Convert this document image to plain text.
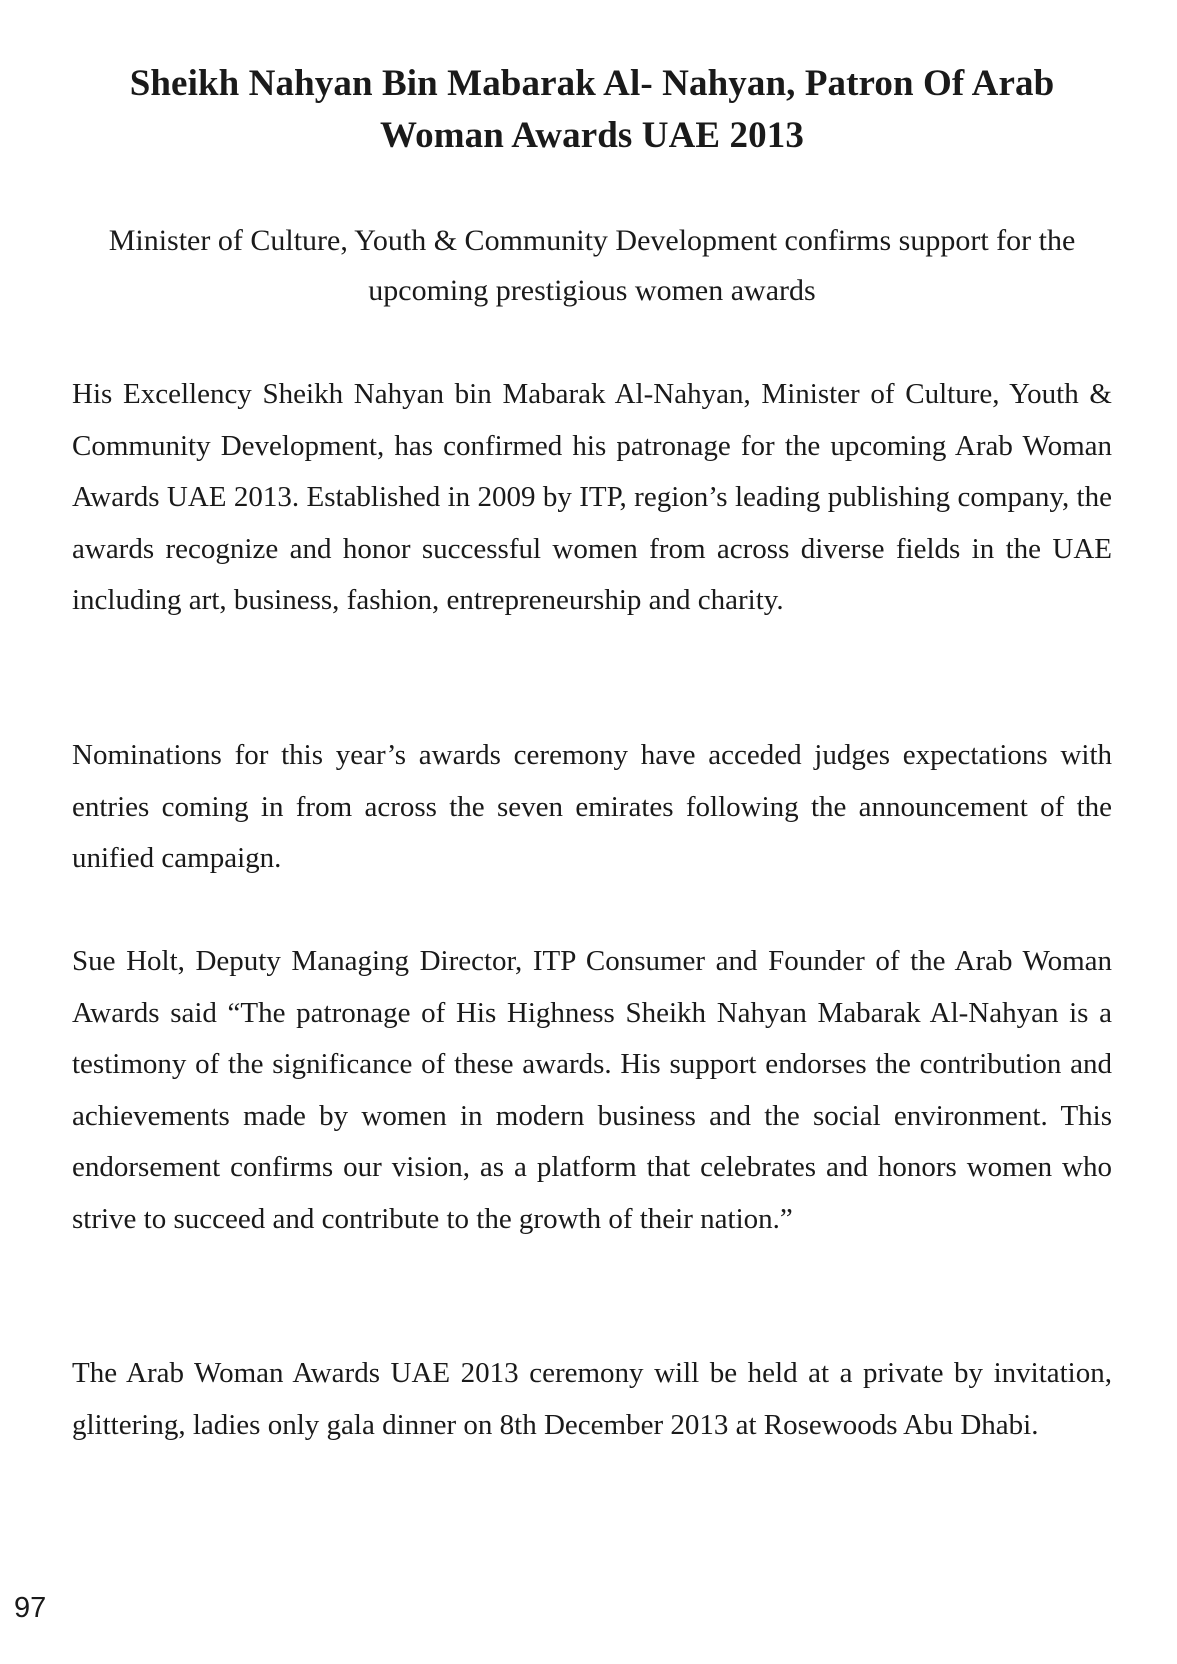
Sheikh Nahyan Bin Mabarak Al- Nahyan, Patron Of Arab Woman Awards UAE 2013

Minister of Culture, Youth & Community Development confirms support for the upcoming prestigious women awards

His Excellency Sheikh Nahyan bin Mabarak Al-Nahyan, Minister of Culture, Youth & Community Development, has confirmed his patronage for the upcoming Arab Woman Awards UAE 2013. Established in 2009 by ITP, region’s leading publishing company, the awards recognize and honor successful women from across diverse fields in the UAE including art, business, fashion, entrepreneurship and charity.

Nominations for this year’s awards ceremony have acceded judges expectations with entries coming in from across the seven emirates following the announcement of the unified campaign.

Sue Holt, Deputy Managing Director, ITP Consumer and Founder of the Arab Woman Awards said “The patronage of His Highness Sheikh Nahyan Mabarak Al-Nahyan is a testimony of the significance of these awards. His support endorses the contribution and achievements made by women in modern business and the social environment. This endorsement confirms our vision, as a platform that celebrates and honors women who strive to succeed and contribute to the growth of their nation.”

The Arab Woman Awards UAE 2013 ceremony will be held at a private by invitation, glittering, ladies only gala dinner on 8th December 2013 at Rosewoods Abu Dhabi.

97
